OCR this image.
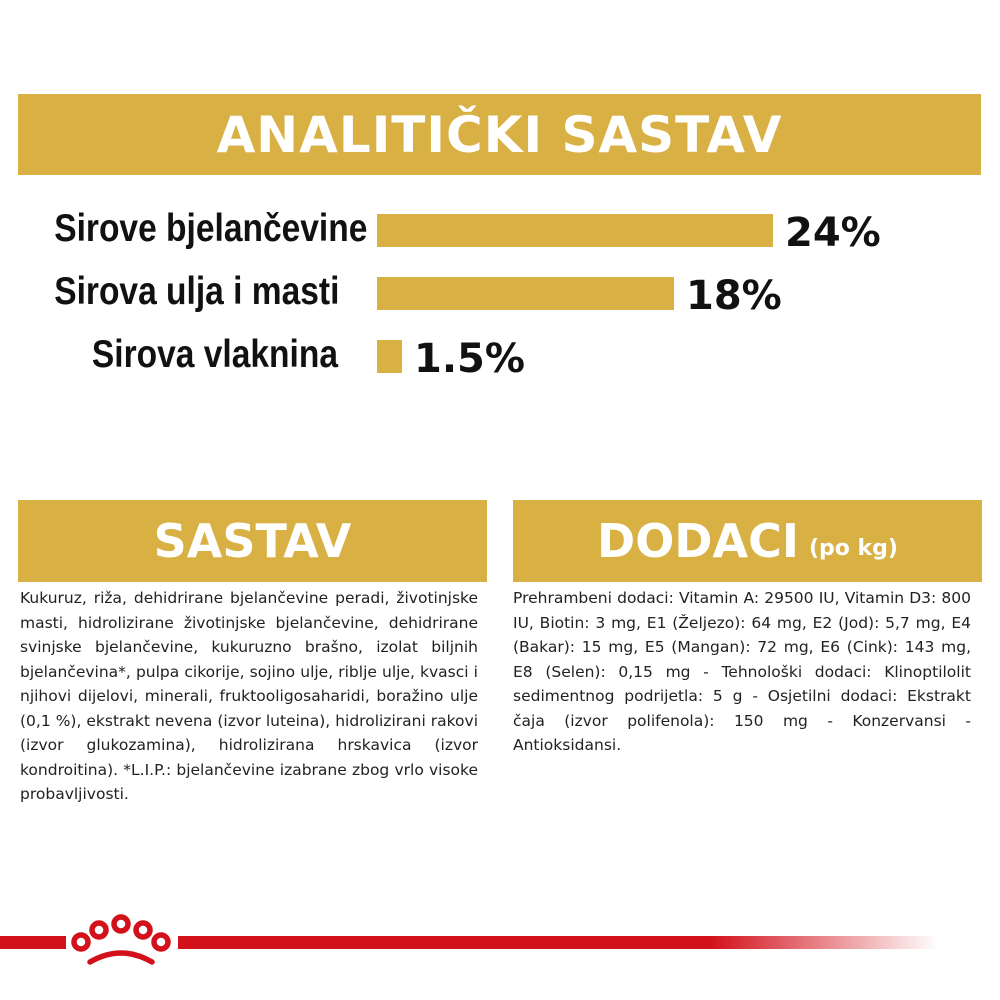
ANALITIČKI SASTAV
Sirove bjelančevine	24%
Sirova ulja i masti	18%
Sirova vlaknina 1.5%
SASTAV	DODACI (po kg)
Kukuruz, riža, dehidrirane bjelančevine peradi, životinjske masti, hidrolizirane životinjske bjelančevine, dehidrirane svinjske bjelančevine, kukuruzno brašno, izolat biljnih bjelančevina*, pulpa cikorije, sojino ulje, riblje ulje, kvasci i njihovi dijelovi, minerali, fruktooligosaharidi, boražino ulje (0,1 %), ekstrakt nevena (izvor luteina), hidrolizirani rakovi (izvor glukozamina), hidrolizirana hrskavica (izvor kondroitina). *L.I.P.: bjelančevine izabrane zbog vrlo visoke probavljivosti.
Prehrambeni dodaci: Vitamin A: 29500 IU, Vitamin D3: 800 IU, Biotin: 3 mg, E1 (Željezo): 64 mg, E2 (Jod): 5,7 mg, E4 (Bakar): 15 mg, E5 (Mangan): 72 mg, E6 (Cink): 143 mg, E8 (Selen): 0,15 mg - Tehnološki dodaci: Klinoptilolit sedimentnog podrijetla: 5 g - Osjetilni dodaci: Ekstrakt čaja (izvor polifenola): 150 mg - Konzervansi - Antioksidansi.
